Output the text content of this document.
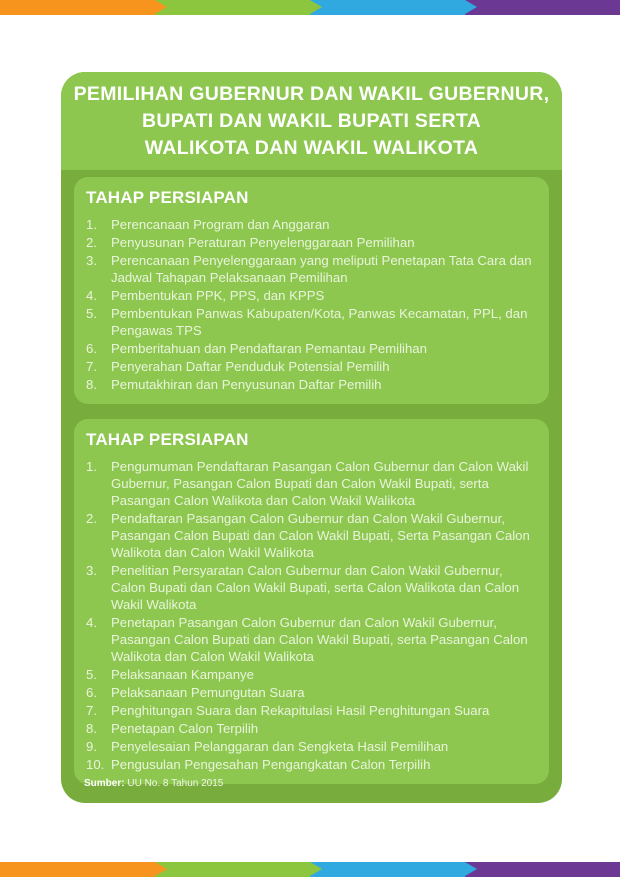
PEMILIHAN GUBERNUR DAN WAKIL GUBERNUR,
BUPATI DAN WAKIL BUPATI SERTA
WALIKOTA DAN WAKIL WALIKOTA
TAHAP PERSIAPAN
1.	Perencanaan Program dan Anggaran
2.	Penyusunan Peraturan Penyelenggaraan Pemilihan
3.	Perencanaan Penyelenggaraan yang meliputi Penetapan Tata Cara dan Jadwal Tahapan Pelaksanaan Pemilihan
4.	Pembentukan PPK, PPS, dan KPPS
5.	Pembentukan Panwas Kabupaten/Kota, Panwas Kecamatan, PPL, dan Pengawas TPS
6.	Pemberitahuan dan Pendaftaran Pemantau Pemilihan
7.	Penyerahan Daftar Penduduk Potensial Pemilih
8.	Pemutakhiran dan Penyusunan Daftar Pemilih
TAHAP PERSIAPAN
1.	Pengumuman Pendaftaran Pasangan Calon Gubernur dan Calon Wakil Gubernur, Pasangan Calon Bupati dan Calon Wakil Bupati, serta Pasangan Calon Walikota dan Calon Wakil Walikota
2.	Pendaftaran Pasangan Calon Gubernur dan Calon Wakil Gubernur, Pasangan Calon Bupati dan Calon Wakil Bupati, Serta Pasangan Calon Walikota dan Calon Wakil Walikota
3.	Penelitian Persyaratan Calon Gubernur dan Calon Wakil Gubernur, Calon Bupati dan Calon Wakil Bupati, serta Calon Walikota dan Calon Wakil Walikota
4.	Penetapan Pasangan Calon Gubernur dan Calon Wakil Gubernur, Pasangan Calon Bupati dan Calon Wakil Bupati, serta Pasangan Calon Walikota dan Calon Wakil Walikota
5.	Pelaksanaan Kampanye
6.	Pelaksanaan Pemungutan Suara
7.	Penghitungan Suara dan Rekapitulasi Hasil Penghitungan Suara
8.	Penetapan Calon Terpilih
9.	Penyelesaian Pelanggaran dan Sengketa Hasil Pemilihan
10. Pengusulan Pengesahan Pengangkatan Calon Terpilih
Sumber: UU No. 8 Tahun 2015
